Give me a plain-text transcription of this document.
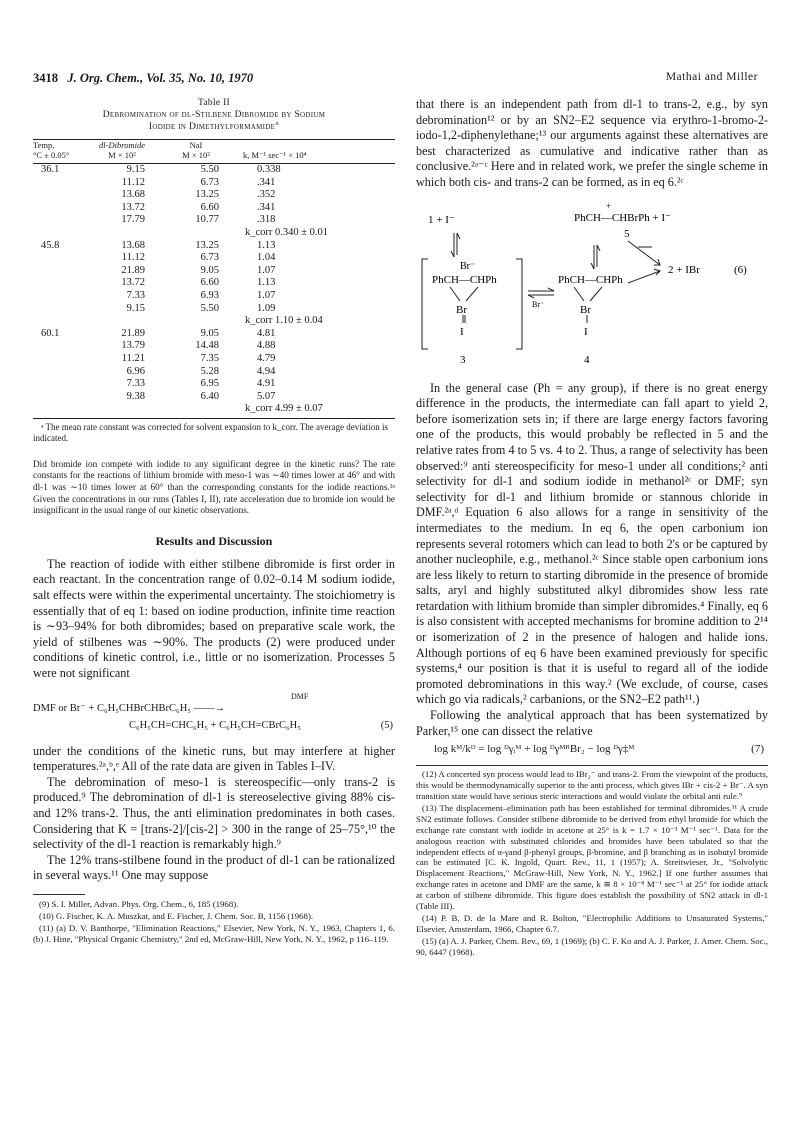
3418 J. Org. Chem., Vol. 35, No. 10, 1970	Mathai and Miller
Table II
Debromination of dl-Stilbene Dibromide by Sodium
Iodide in Dimethylformamide$^a$

Temp,	dl-Dibromide	NaI	
°C ± 0.05°	M × 10²	M × 10²	k, M⁻¹ sec⁻¹ × 10⁴

36.1	9.15	5.50	0.338
	11.12	6.73	.341
	13.68	13.25	.352
	13.72	6.60	.341
	17.79	10.77	.318
			k_corr 0.340 ± 0.01
45.8	13.68	13.25	1.13
	11.12	6.73	1.04
	21.89	9.05	1.07
	13.72	6.60	1.13
	7.33	6.93	1.07
	9.15	5.50	1.09
			k_corr 1.10 ± 0.04
60.1	21.89	9.05	4.81
	13.79	14.48	4.88
	11.21	7.35	4.79
	6.96	5.28	4.94
	7.33	6.95	4.91
	9.38	6.40	5.07
			k_corr 4.99 ± 0.07
ᵃ The mean rate constant was corrected for solvent expansion to k_corr. The average deviation is indicated.

Did bromide ion compete with iodide to any significant degree in the kinetic runs? The rate constants for the reactions of lithium bromide with meso-1 was ∼40 times lower at 46° and with dl-1 was ∼10 times lower at 60° than the corresponding constants for the iodide reactions.²ᵃ Given the concentrations in our runs (Tables I, II), rate acceleration due to bromide ion would be insignificant in the usual range of our kinetic observations.

Results and Discussion

The reaction of iodide with either stilbene dibromide is first order in each reactant. In the concentration range of 0.02–0.14 M sodium iodide, salt effects were within the experimental uncertainty. The stoichiometry is essentially that of eq 1: based on iodine production, infinite time reaction is ∼93–94% for both dibromides; based on preparative scale work, the yield of stilbenes was ∼90%. The products (2) were produced under conditions of kinetic control, i.e., little or no isomerization. Processes 5 were not significant

DMF
DMF or Br⁻ + C₆H₅CHBrCHBrC₆H₅ ——→
C₆H₅CH=CHC₆H₅ + C₆H₅CH=CBrC₆H₅	(5)

under the conditions of the kinetic runs, but may interfere at higher temperatures.²ᵃ,ᵇ,ᵉ All of the rate data are given in Tables I–IV.

The debromination of meso-1 is stereospecific—only trans-2 is produced.⁹ The debromination of dl-1 is stereoselective giving 88% cis- and 12% trans-2. Thus, the anti elimination predominates in both cases. Considering that K = [trans-2]/[cis-2] > 300 in the range of 25–75°,¹⁰ the selectivity of the dl-1 reaction is remarkably high.⁹

The 12% trans-stilbene found in the product of dl-1 can be rationalized in several ways.¹¹ One may suppose

(9) S. I. Miller, Advan. Phys. Org. Chem., 6, 185 (1968).

(10) G. Fischer, K. A. Muszkat, and E. Fischer, J. Chem. Soc. B, 1156 (1968).

(11) (a) D. V. Banthorpe, "Elimination Reactions," Elsevier, New York, N. Y., 1963, Chapters 1, 6. (b) J. Hine, "Physical Organic Chemistry," 2nd ed, McGraw-Hill, New York, N. Y., 1962, p 116–119.

that there is an independent path from dl-1 to trans-2, e.g., by syn debromination¹² or by an SN2–E2 sequence via erythro-1-bromo-2-iodo-1,2-diphenylethane;¹³ our arguments against these alternatives are best characterized as cumulative and indicative rather than as conclusive.²ᵃ⁻ᶜ Here and in related work, we prefer the single scheme in which both cis- and trans-2 can be formed, as in eq 6.²ᶜ

1 + I⁻
+
PhCH—CHBrPh + I⁻
5
Br⁻
PhCH—CHPh	PhCH—CHPh
Br	Br
I	I
3	4
Br⁻
2 + IBr	(6)

In the general case (Ph = any group), if there is no great energy difference in the products, the intermediate can fall apart to yield 2, before isomerization sets in; if there are large energy factors favoring one of the products, this would probably be reflected in 5 and the relative rates from 4 to 5 vs. 4 to 2. Thus, a range of selectivity has been observed:⁹ anti stereospecificity for meso-1 under all conditions;² anti selectivity for dl-1 and sodium iodide in methanol²ᶜ or DMF; syn selectivity for dl-1 and lithium bromide or stannous chloride in DMF.²ᵃ,ᵈ Equation 6 also allows for a range in sensitivity of the intermediates to the medium. In eq 6, the open carbonium ion represents several rotomers which can lead to both 2's or be captured by another nucleophile, e.g., methanol.²ᶜ Since stable open carbonium ions are less likely to return to starting dibromide in the presence of bromide salts, aryl and highly substituted alkyl dibromides show less rate retardation with lithium bromide than simpler dibromides.⁴ Finally, eq 6 is also consistent with accepted mechanisms for bromine addition to 2¹⁴ or isomerization of 2 in the presence of halogen and halide ions. Although portions of eq 6 have been examined previously for specific systems,⁴ our position is that it is useful to regard all of the iodide promoted debrominations in this way.² (We exclude, of course, cases which go via radicals,² carbanions, or the SN2–E2 path¹¹.)

Following the analytical approach that has been systematized by Parker,¹⁵ one can dissect the relative

log kᴹ/kᴰ = log ᴰγᵢᴹ + log ᴰγᴹᴿBr₂ − log ᴰγ‡ᴹ	(7)

(12) A concerted syn process would lead to IBr₂⁻ and trans-2. From the viewpoint of the products, this would be thermodynamically superior to the anti process, which gives IBr + cis-2 + Br⁻. A syn transition state would have serious steric interactions and would violate the orbital anti rule.⁹

(13) The displacement–elimination path has been established for terminal dibromides.¹¹ A crude SN2 estimate follows. Consider stilbene dibromide to be derived from ethyl bromide for which the exchange rate constant with iodide in acetone at 25° is k = 1.7 × 10⁻³ M⁻¹ sec⁻¹. Data for the analogous reaction with substituted chlorides and bromides have been tabulated so that the independent effects of α-γand β-phenyl groups, β-bromine, and β branching as in isobutyl bromide can be estimated [C. K. Ingold, Quart. Rev., 11, 1 (1957); A. Streitwieser, Jr., "Solvolytic Displacement Reactions," McGraw-Hill, New York, N. Y., 1962.] If one further assumes that exchange rates in acetone and DMF are the same, k ≅ 8 × 10⁻⁸ M⁻¹ sec⁻¹ at 25° for iodide attack at carbon of stilbene dibromide. This figure does establish the possibility of SN2 attack in dl-1 (Table III).

(14) P. B. D. de la Mare and R. Bolton, "Electrophilic Additions to Unsaturated Systems," Elsevier, Amsterdam, 1966, Chapter 6.7.

(15) (a) A. J. Parker, Chem. Rev., 69, 1 (1969); (b) C. F. Ko and A. J. Parker, J. Amer. Chem. Soc., 90, 6447 (1968).
